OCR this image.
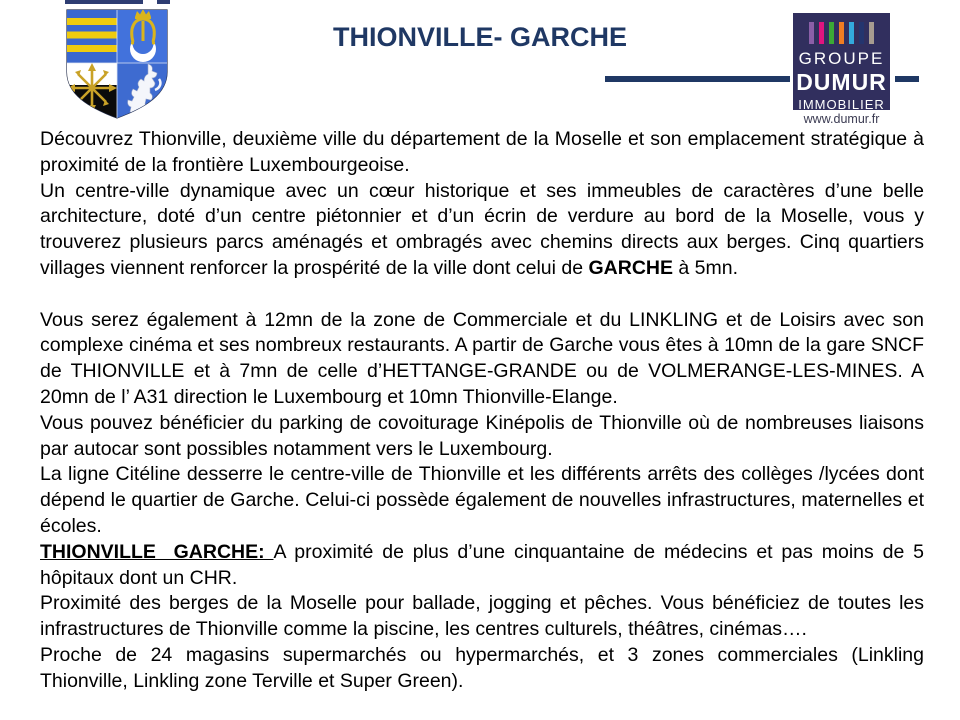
THIONVILLE- GARCHE
GROUPE
DUMUR
IMMOBILIER
www.dumur.fr

Découvrez Thionville, deuxième ville du département de la Moselle et son emplacement stratégique à proximité de la frontière Luxembourgeoise.

Un centre-ville dynamique avec un cœur historique et ses immeubles de caractères d’une belle architecture, doté d’un centre piétonnier et d’un écrin de verdure au bord de la Moselle, vous y trouverez plusieurs parcs aménagés et ombragés avec chemins directs aux berges. Cinq quartiers villages viennent renforcer la prospérité de la ville dont celui de GARCHE à 5mn.

Vous serez également à 12mn de la zone de Commerciale et du LINKLING et de Loisirs avec son complexe cinéma et ses nombreux restaurants. A partir de Garche vous êtes à 10mn de la gare SNCF de THIONVILLE et à 7mn de celle d’HETTANGE-GRANDE ou de VOLMERANGE-LES-MINES. A 20mn de l’ A31 direction le Luxembourg et 10mn Thionville-Elange.

Vous pouvez bénéficier du parking de covoiturage Kinépolis de Thionville où de nombreuses liaisons par autocar sont possibles notamment vers le Luxembourg.

La ligne Citéline desserre le centre-ville de Thionville et les différents arrêts des collèges /lycées dont dépend le quartier de Garche. Celui-ci possède également de nouvelles infrastructures, maternelles et écoles.

THIONVILLE  GARCHE: A proximité de plus d’une cinquantaine de médecins et pas moins de 5 hôpitaux dont un CHR.

Proximité des berges de la Moselle pour ballade, jogging et pêches. Vous bénéficiez de toutes les infrastructures de Thionville comme la piscine, les centres culturels, théâtres, cinémas….

Proche de 24 magasins supermarchés ou hypermarchés, et 3 zones commerciales (Linkling Thionville, Linkling zone Terville et Super Green).
